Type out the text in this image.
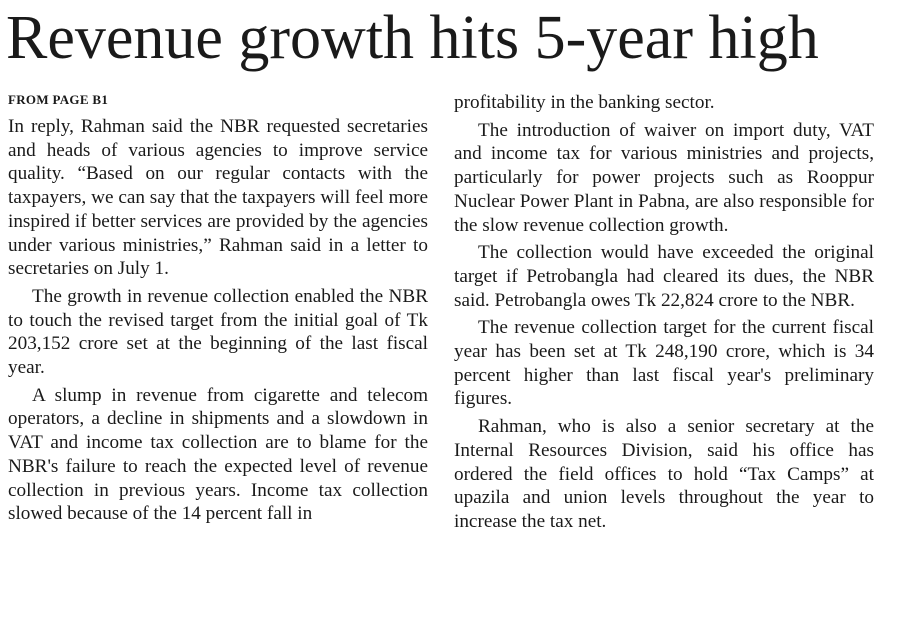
Revenue growth hits 5-year high
FROM PAGE B1

In reply, Rahman said the NBR requested secretaries and heads of various agencies to improve service quality. “Based on our regular contacts with the taxpayers, we can say that the taxpayers will feel more inspired if better services are provided by the agencies under various ministries,” Rahman said in a letter to secretaries on July 1.

The growth in revenue collection enabled the NBR to touch the revised target from the initial goal of Tk 203,152 crore set at the beginning of the last fiscal year.

A slump in revenue from cigarette and telecom operators, a decline in shipments and a slowdown in VAT and income tax collection are to blame for the NBR's failure to reach the expected level of revenue collection in previous years. Income tax collection slowed because of the 14 percent fall in

profitability in the banking sector.

The introduction of waiver on import duty, VAT and income tax for various ministries and projects, particularly for power projects such as Rooppur Nuclear Power Plant in Pabna, are also responsible for the slow revenue collection growth.

The collection would have exceeded the original target if Petrobangla had cleared its dues, the NBR said. Petrobangla owes Tk 22,824 crore to the NBR.

The revenue collection target for the current fiscal year has been set at Tk 248,190 crore, which is 34 percent higher than last fiscal year's preliminary figures.

Rahman, who is also a senior secretary at the Internal Resources Division, said his office has ordered the field offices to hold “Tax Camps” at upazila and union levels throughout the year to increase the tax net.
